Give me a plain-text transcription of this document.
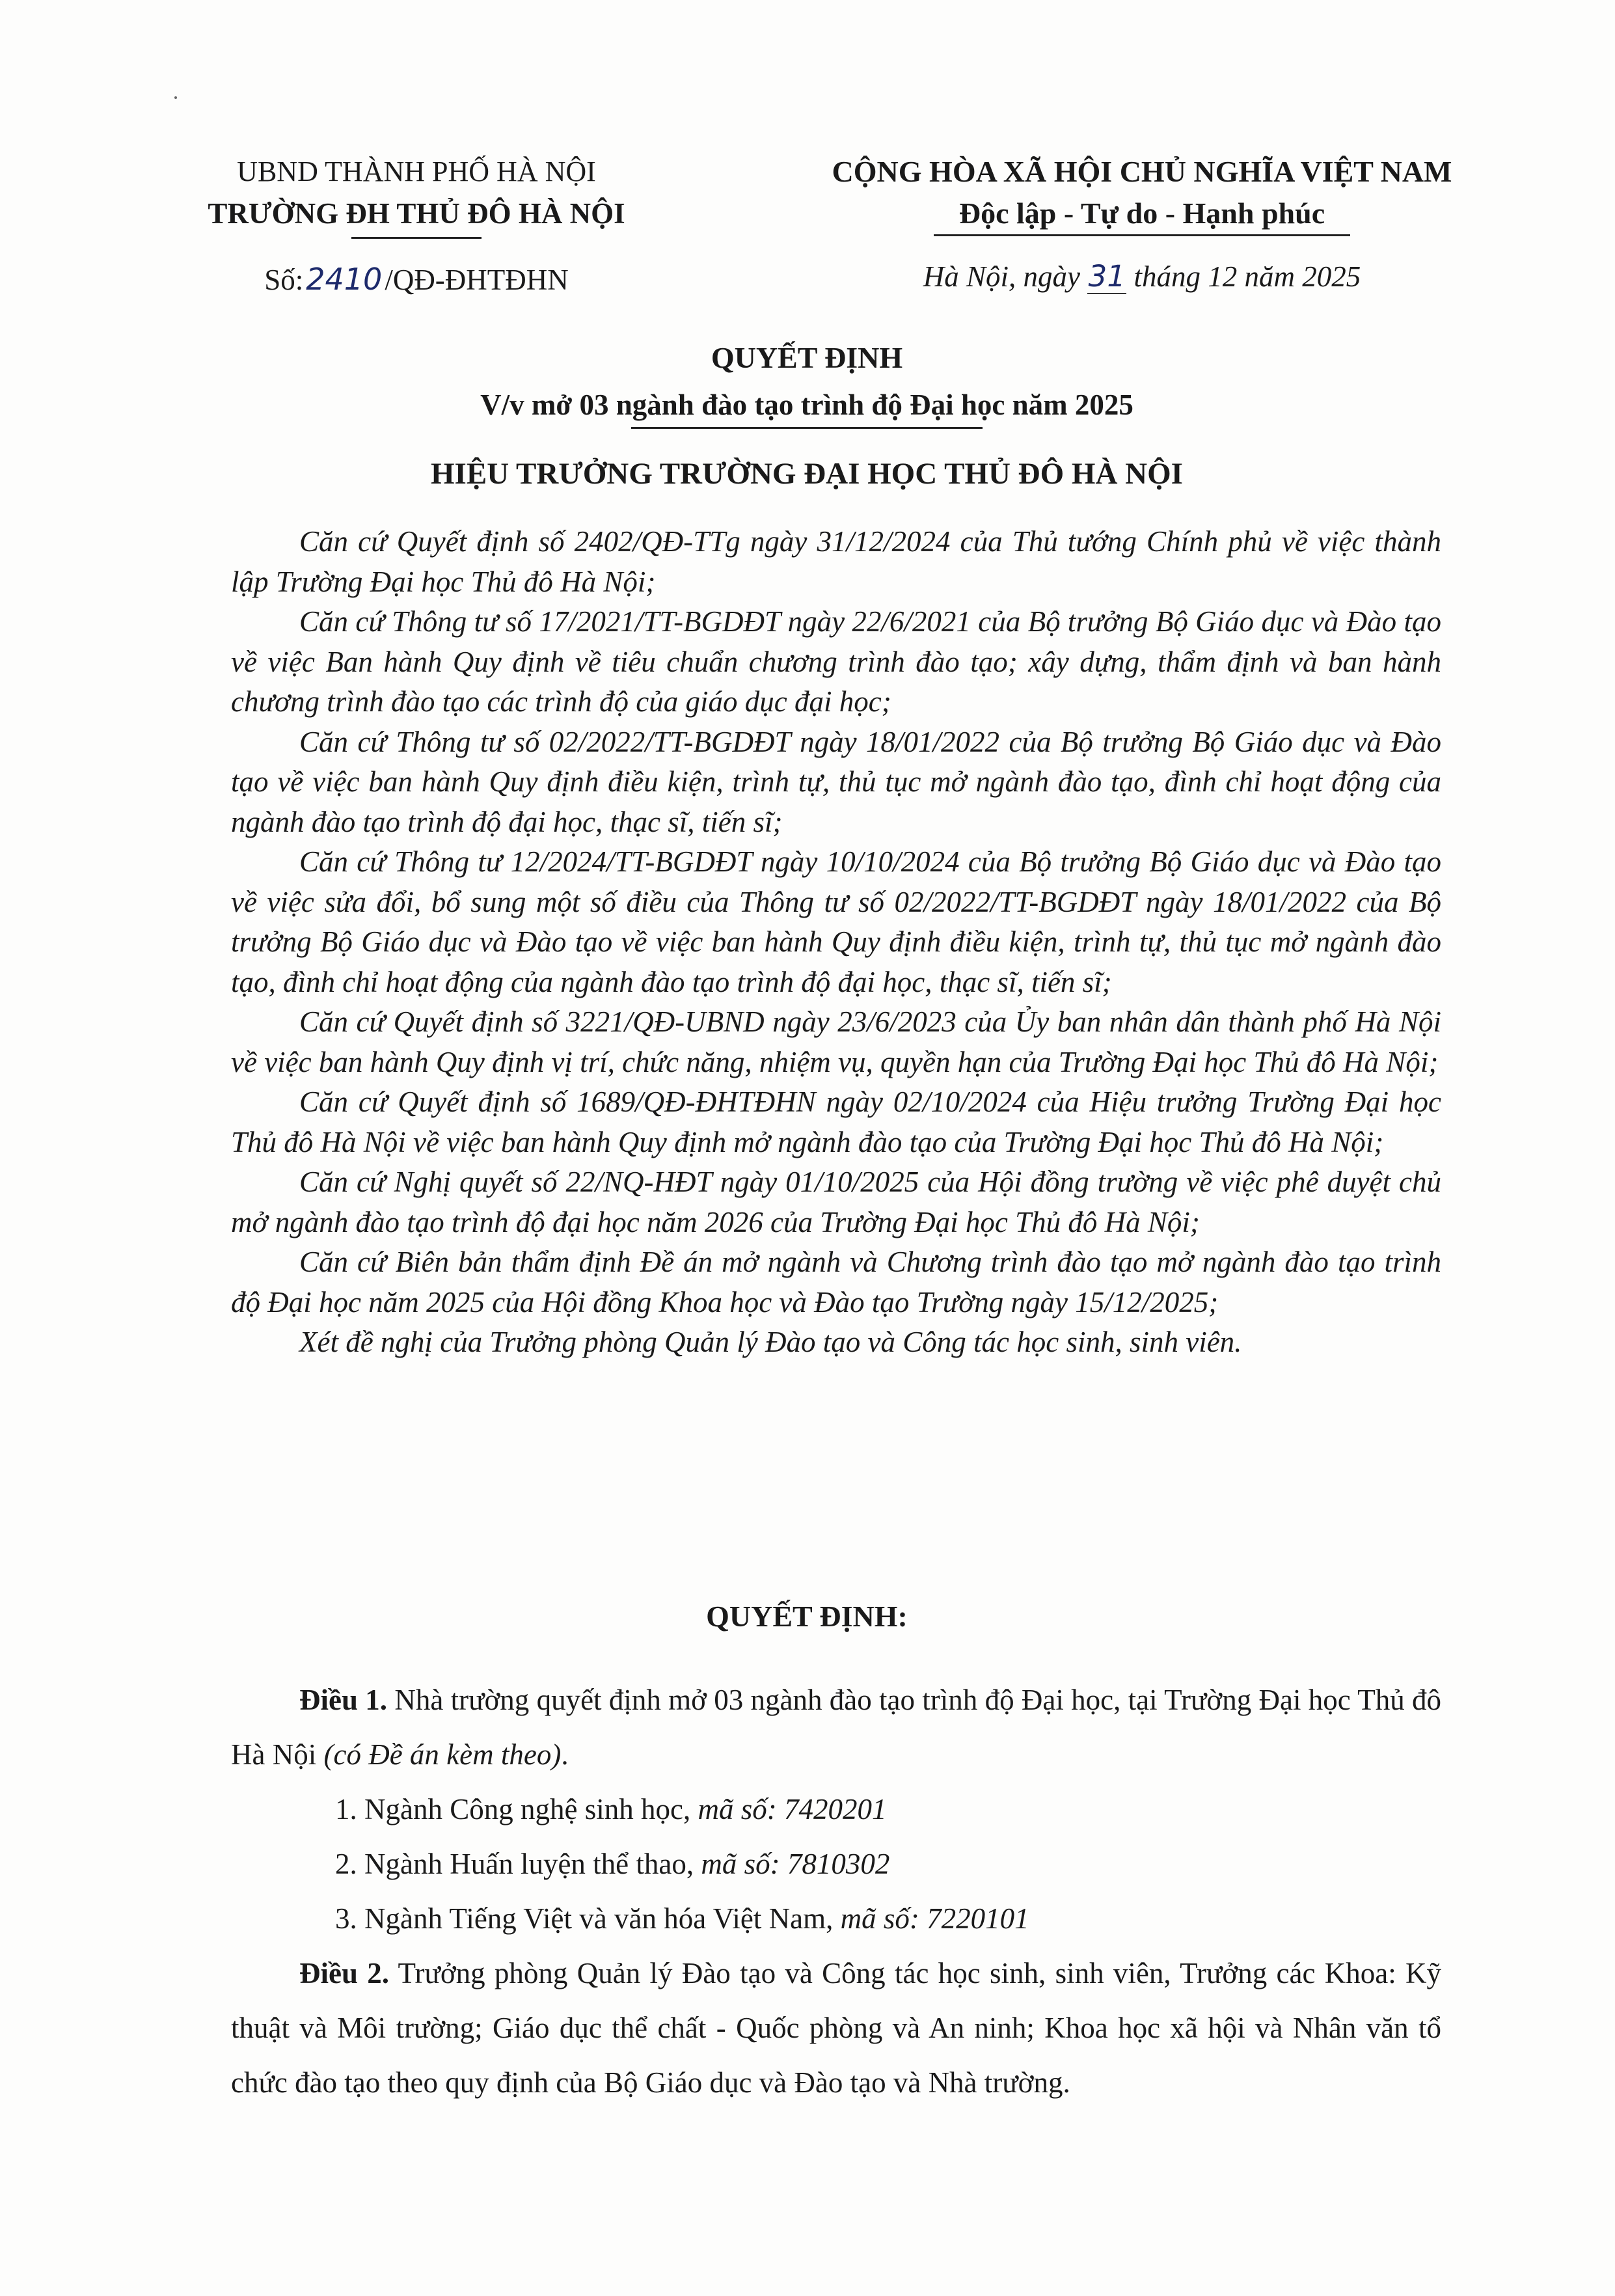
UBND THÀNH PHỐ HÀ NỘI
TRƯỜNG ĐH THỦ ĐÔ HÀ NỘI
Số:2410/QĐ-ĐHTĐHN
CỘNG HÒA XÃ HỘI CHỦ NGHĨA VIỆT NAM
Độc lập - Tự do - Hạnh phúc
Hà Nội, ngày 31 tháng 12 năm 2025
QUYẾT ĐỊNH
V/v mở 03 ngành đào tạo trình độ Đại học năm 2025
HIỆU TRƯỞNG TRƯỜNG ĐẠI HỌC THỦ ĐÔ HÀ NỘI

Căn cứ Quyết định số 2402/QĐ-TTg ngày 31/12/2024 của Thủ tướng Chính phủ về việc thành lập Trường Đại học Thủ đô Hà Nội;

Căn cứ Thông tư số 17/2021/TT-BGDĐT ngày 22/6/2021 của Bộ trưởng Bộ Giáo dục và Đào tạo về việc Ban hành Quy định về tiêu chuẩn chương trình đào tạo; xây dựng, thẩm định và ban hành chương trình đào tạo các trình độ của giáo dục đại học;

Căn cứ Thông tư số 02/2022/TT-BGDĐT ngày 18/01/2022 của Bộ trưởng Bộ Giáo dục và Đào tạo về việc ban hành Quy định điều kiện, trình tự, thủ tục mở ngành đào tạo, đình chỉ hoạt động của ngành đào tạo trình độ đại học, thạc sĩ, tiến sĩ;

Căn cứ Thông tư 12/2024/TT-BGDĐT ngày 10/10/2024 của Bộ trưởng Bộ Giáo dục và Đào tạo về việc sửa đổi, bổ sung một số điều của Thông tư số 02/2022/TT-BGDĐT ngày 18/01/2022 của Bộ trưởng Bộ Giáo dục và Đào tạo về việc ban hành Quy định điều kiện, trình tự, thủ tục mở ngành đào tạo, đình chỉ hoạt động của ngành đào tạo trình độ đại học, thạc sĩ, tiến sĩ;

Căn cứ Quyết định số 3221/QĐ-UBND ngày 23/6/2023 của Ủy ban nhân dân thành phố Hà Nội về việc ban hành Quy định vị trí, chức năng, nhiệm vụ, quyền hạn của Trường Đại học Thủ đô Hà Nội;

Căn cứ Quyết định số 1689/QĐ-ĐHTĐHN ngày 02/10/2024 của Hiệu trưởng Trường Đại học Thủ đô Hà Nội về việc ban hành Quy định mở ngành đào tạo của Trường Đại học Thủ đô Hà Nội;

Căn cứ Nghị quyết số 22/NQ-HĐT ngày 01/10/2025 của Hội đồng trường về việc phê duyệt chủ mở ngành đào tạo trình độ đại học năm 2026 của Trường Đại học Thủ đô Hà Nội;

Căn cứ Biên bản thẩm định Đề án mở ngành và Chương trình đào tạo mở ngành đào tạo trình độ Đại học năm 2025 của Hội đồng Khoa học và Đào tạo Trường ngày 15/12/2025;

Xét đề nghị của Trưởng phòng Quản lý Đào tạo và Công tác học sinh, sinh viên.

QUYẾT ĐỊNH:

Điều 1. Nhà trường quyết định mở 03 ngành đào tạo trình độ Đại học, tại Trường Đại học Thủ đô Hà Nội (có Đề án kèm theo).

1. Ngành Công nghệ sinh học, mã số: 7420201

2. Ngành Huấn luyện thể thao, mã số: 7810302

3. Ngành Tiếng Việt và văn hóa Việt Nam, mã số: 7220101

Điều 2. Trưởng phòng Quản lý Đào tạo và Công tác học sinh, sinh viên, Trưởng các Khoa: Kỹ thuật và Môi trường; Giáo dục thể chất - Quốc phòng và An ninh; Khoa học xã hội và Nhân văn tổ chức đào tạo theo quy định của Bộ Giáo dục và Đào tạo và Nhà trường.
